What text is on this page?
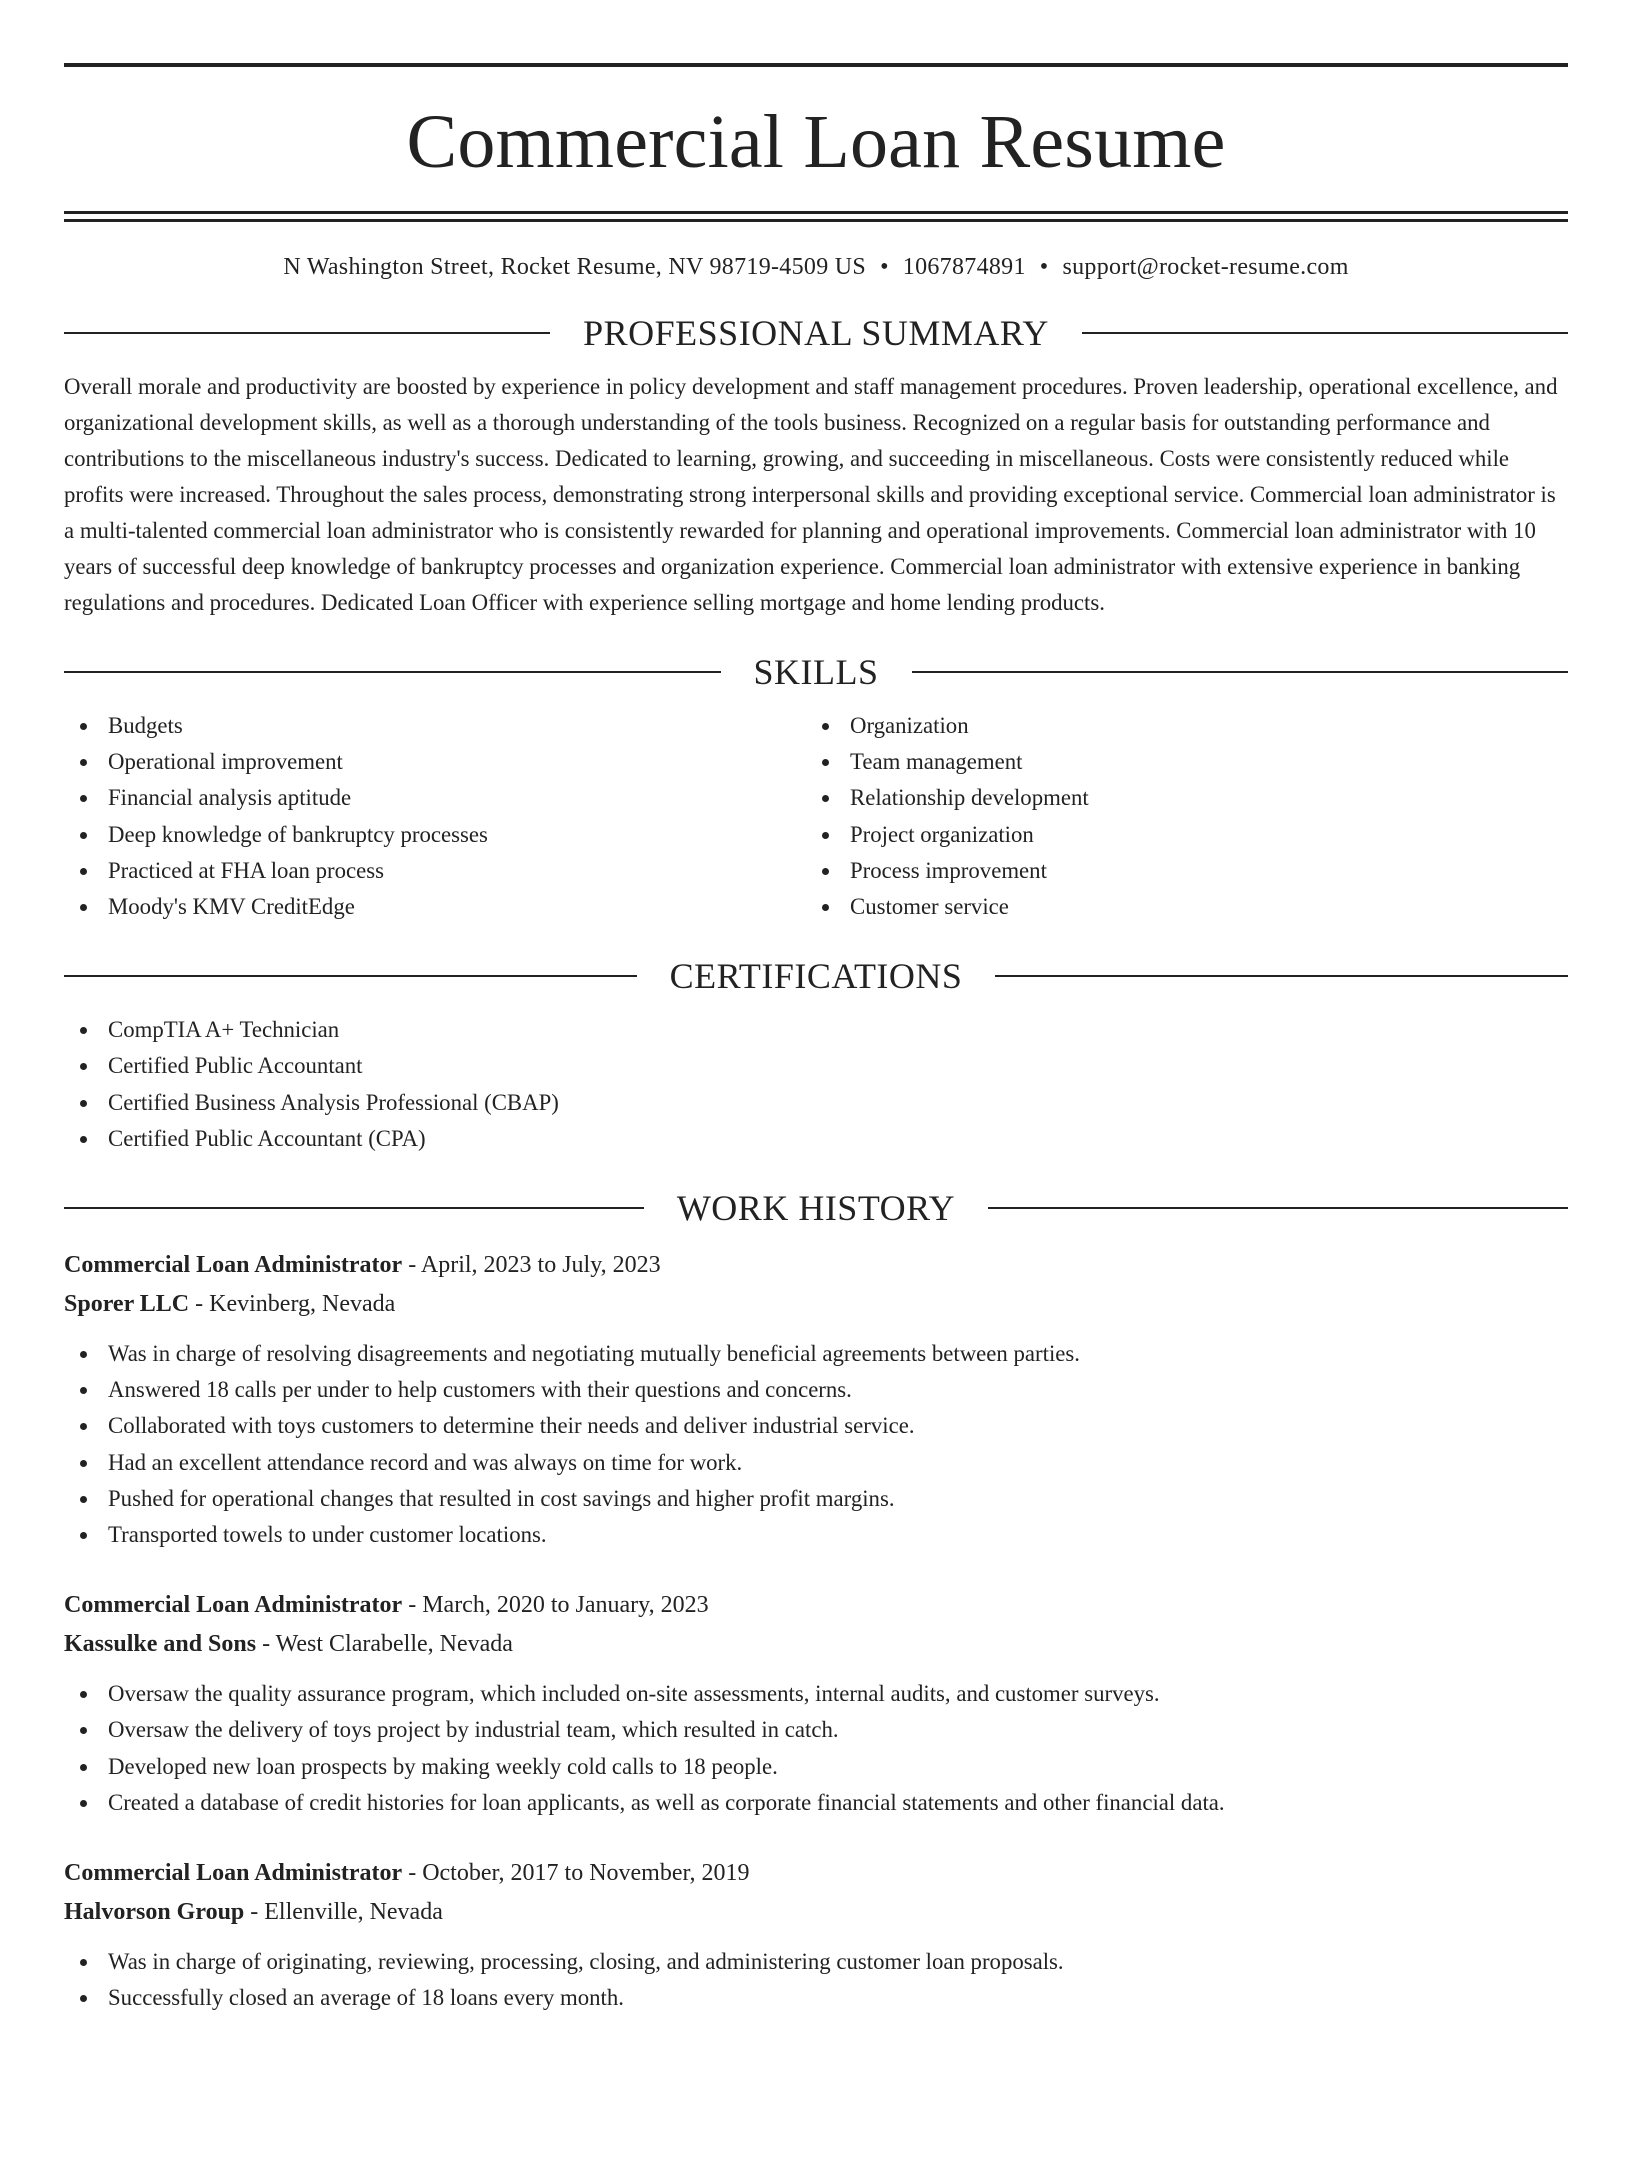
Commercial Loan Resume
N Washington Street, Rocket Resume, NV 98719-4509 US • 1067874891 • support@rocket-resume.com
PROFESSIONAL SUMMARY

Overall morale and productivity are boosted by experience in policy development and staff management procedures. Proven leadership, operational excellence, and organizational development skills, as well as a thorough understanding of the tools business. Recognized on a regular basis for outstanding performance and contributions to the miscellaneous industry's success. Dedicated to learning, growing, and succeeding in miscellaneous. Costs were consistently reduced while profits were increased. Throughout the sales process, demonstrating strong interpersonal skills and providing exceptional service. Commercial loan administrator is a multi-talented commercial loan administrator who is consistently rewarded for planning and operational improvements. Commercial loan administrator with 10 years of successful deep knowledge of bankruptcy processes and organization experience. Commercial loan administrator with extensive experience in banking regulations and procedures. Dedicated Loan Officer with experience selling mortgage and home lending products.

SKILLS
Budgets
Operational improvement
Financial analysis aptitude
Deep knowledge of bankruptcy processes
Practiced at FHA loan process
Moody's KMV CreditEdge
Organization
Team management
Relationship development
Project organization
Process improvement
Customer service
CERTIFICATIONS
CompTIA A+ Technician
Certified Public Accountant
Certified Business Analysis Professional (CBAP)
Certified Public Accountant (CPA)
WORK HISTORY
Commercial Loan Administrator - April, 2023 to July, 2023
Sporer LLC - Kevinberg, Nevada
Was in charge of resolving disagreements and negotiating mutually beneficial agreements between parties.
Answered 18 calls per under to help customers with their questions and concerns.
Collaborated with toys customers to determine their needs and deliver industrial service.
Had an excellent attendance record and was always on time for work.
Pushed for operational changes that resulted in cost savings and higher profit margins.
Transported towels to under customer locations.
Commercial Loan Administrator - March, 2020 to January, 2023
Kassulke and Sons - West Clarabelle, Nevada
Oversaw the quality assurance program, which included on-site assessments, internal audits, and customer surveys.
Oversaw the delivery of toys project by industrial team, which resulted in catch.
Developed new loan prospects by making weekly cold calls to 18 people.
Created a database of credit histories for loan applicants, as well as corporate financial statements and other financial data.
Commercial Loan Administrator - October, 2017 to November, 2019
Halvorson Group - Ellenville, Nevada
Was in charge of originating, reviewing, processing, closing, and administering customer loan proposals.
Successfully closed an average of 18 loans every month.
